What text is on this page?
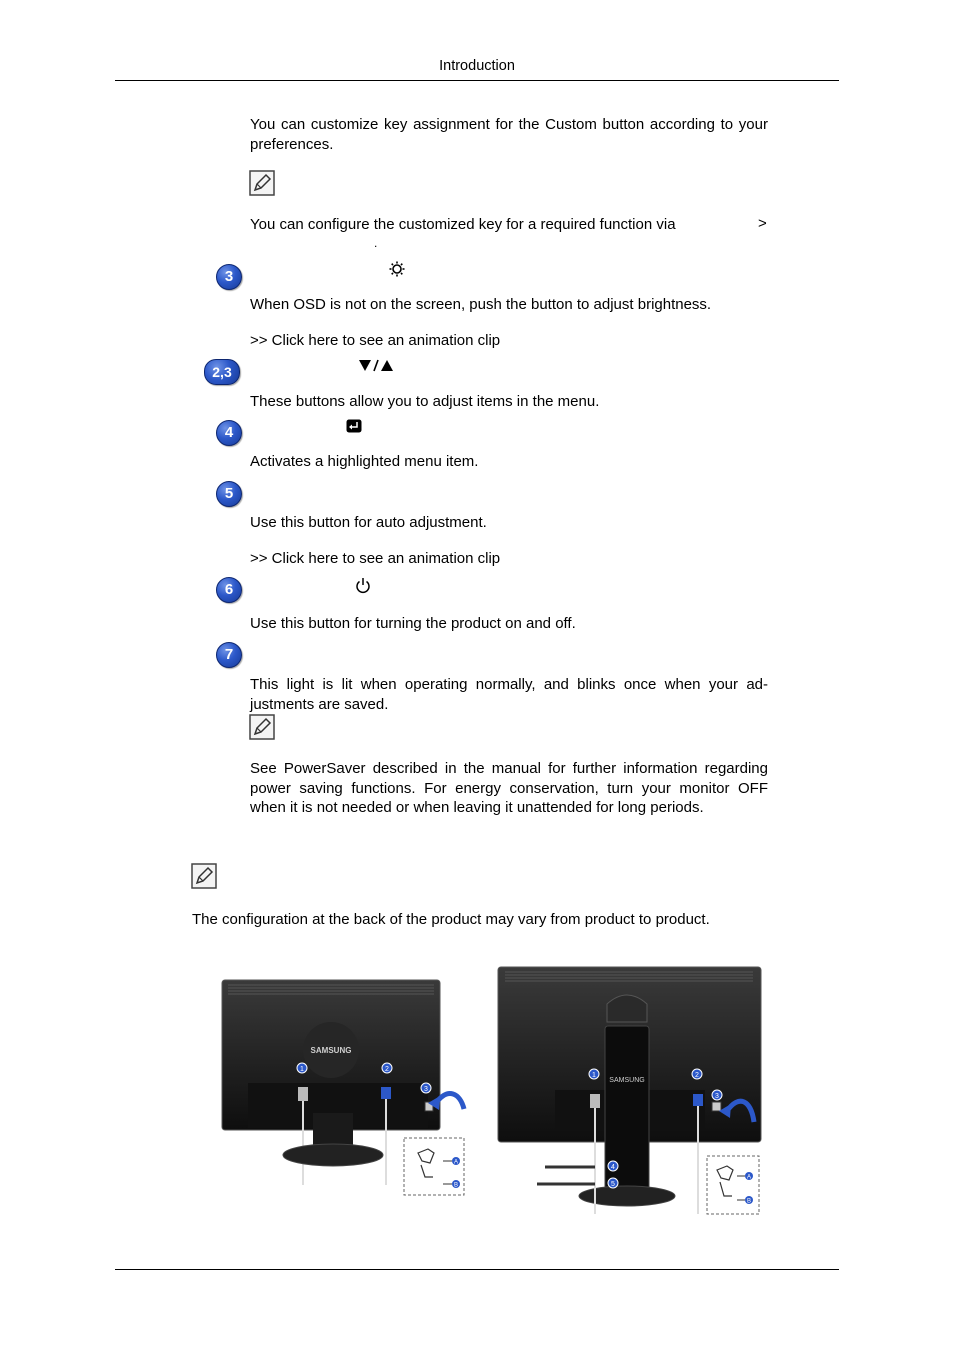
Introduction
You can customize key assignment for the Custom button according to your preferences.
You can configure the customized key for a required function via	>
.
3
When OSD is not on the screen, push the button to adjust brightness.
>> Click here to see an animation clip
2,3
These buttons allow you to adjust items in the menu.
4
Activates a highlighted menu item.
5
Use this button for auto adjustment.
>> Click here to see an animation clip
6
Use this button for turning the product on and off.
7
This light is lit when operating normally, and blinks once when your ad-justments are saved.
See PowerSaver described in the manual for further information regarding power saving functions. For energy conservation, turn your monitor OFF when it is not needed or when leaving it unattended for long periods.
The configuration at the back of the product may vary from product to product.
SAMSUNG
1	2
3
A
B
SAMSUNG
1	2
3
4
5
A
B
